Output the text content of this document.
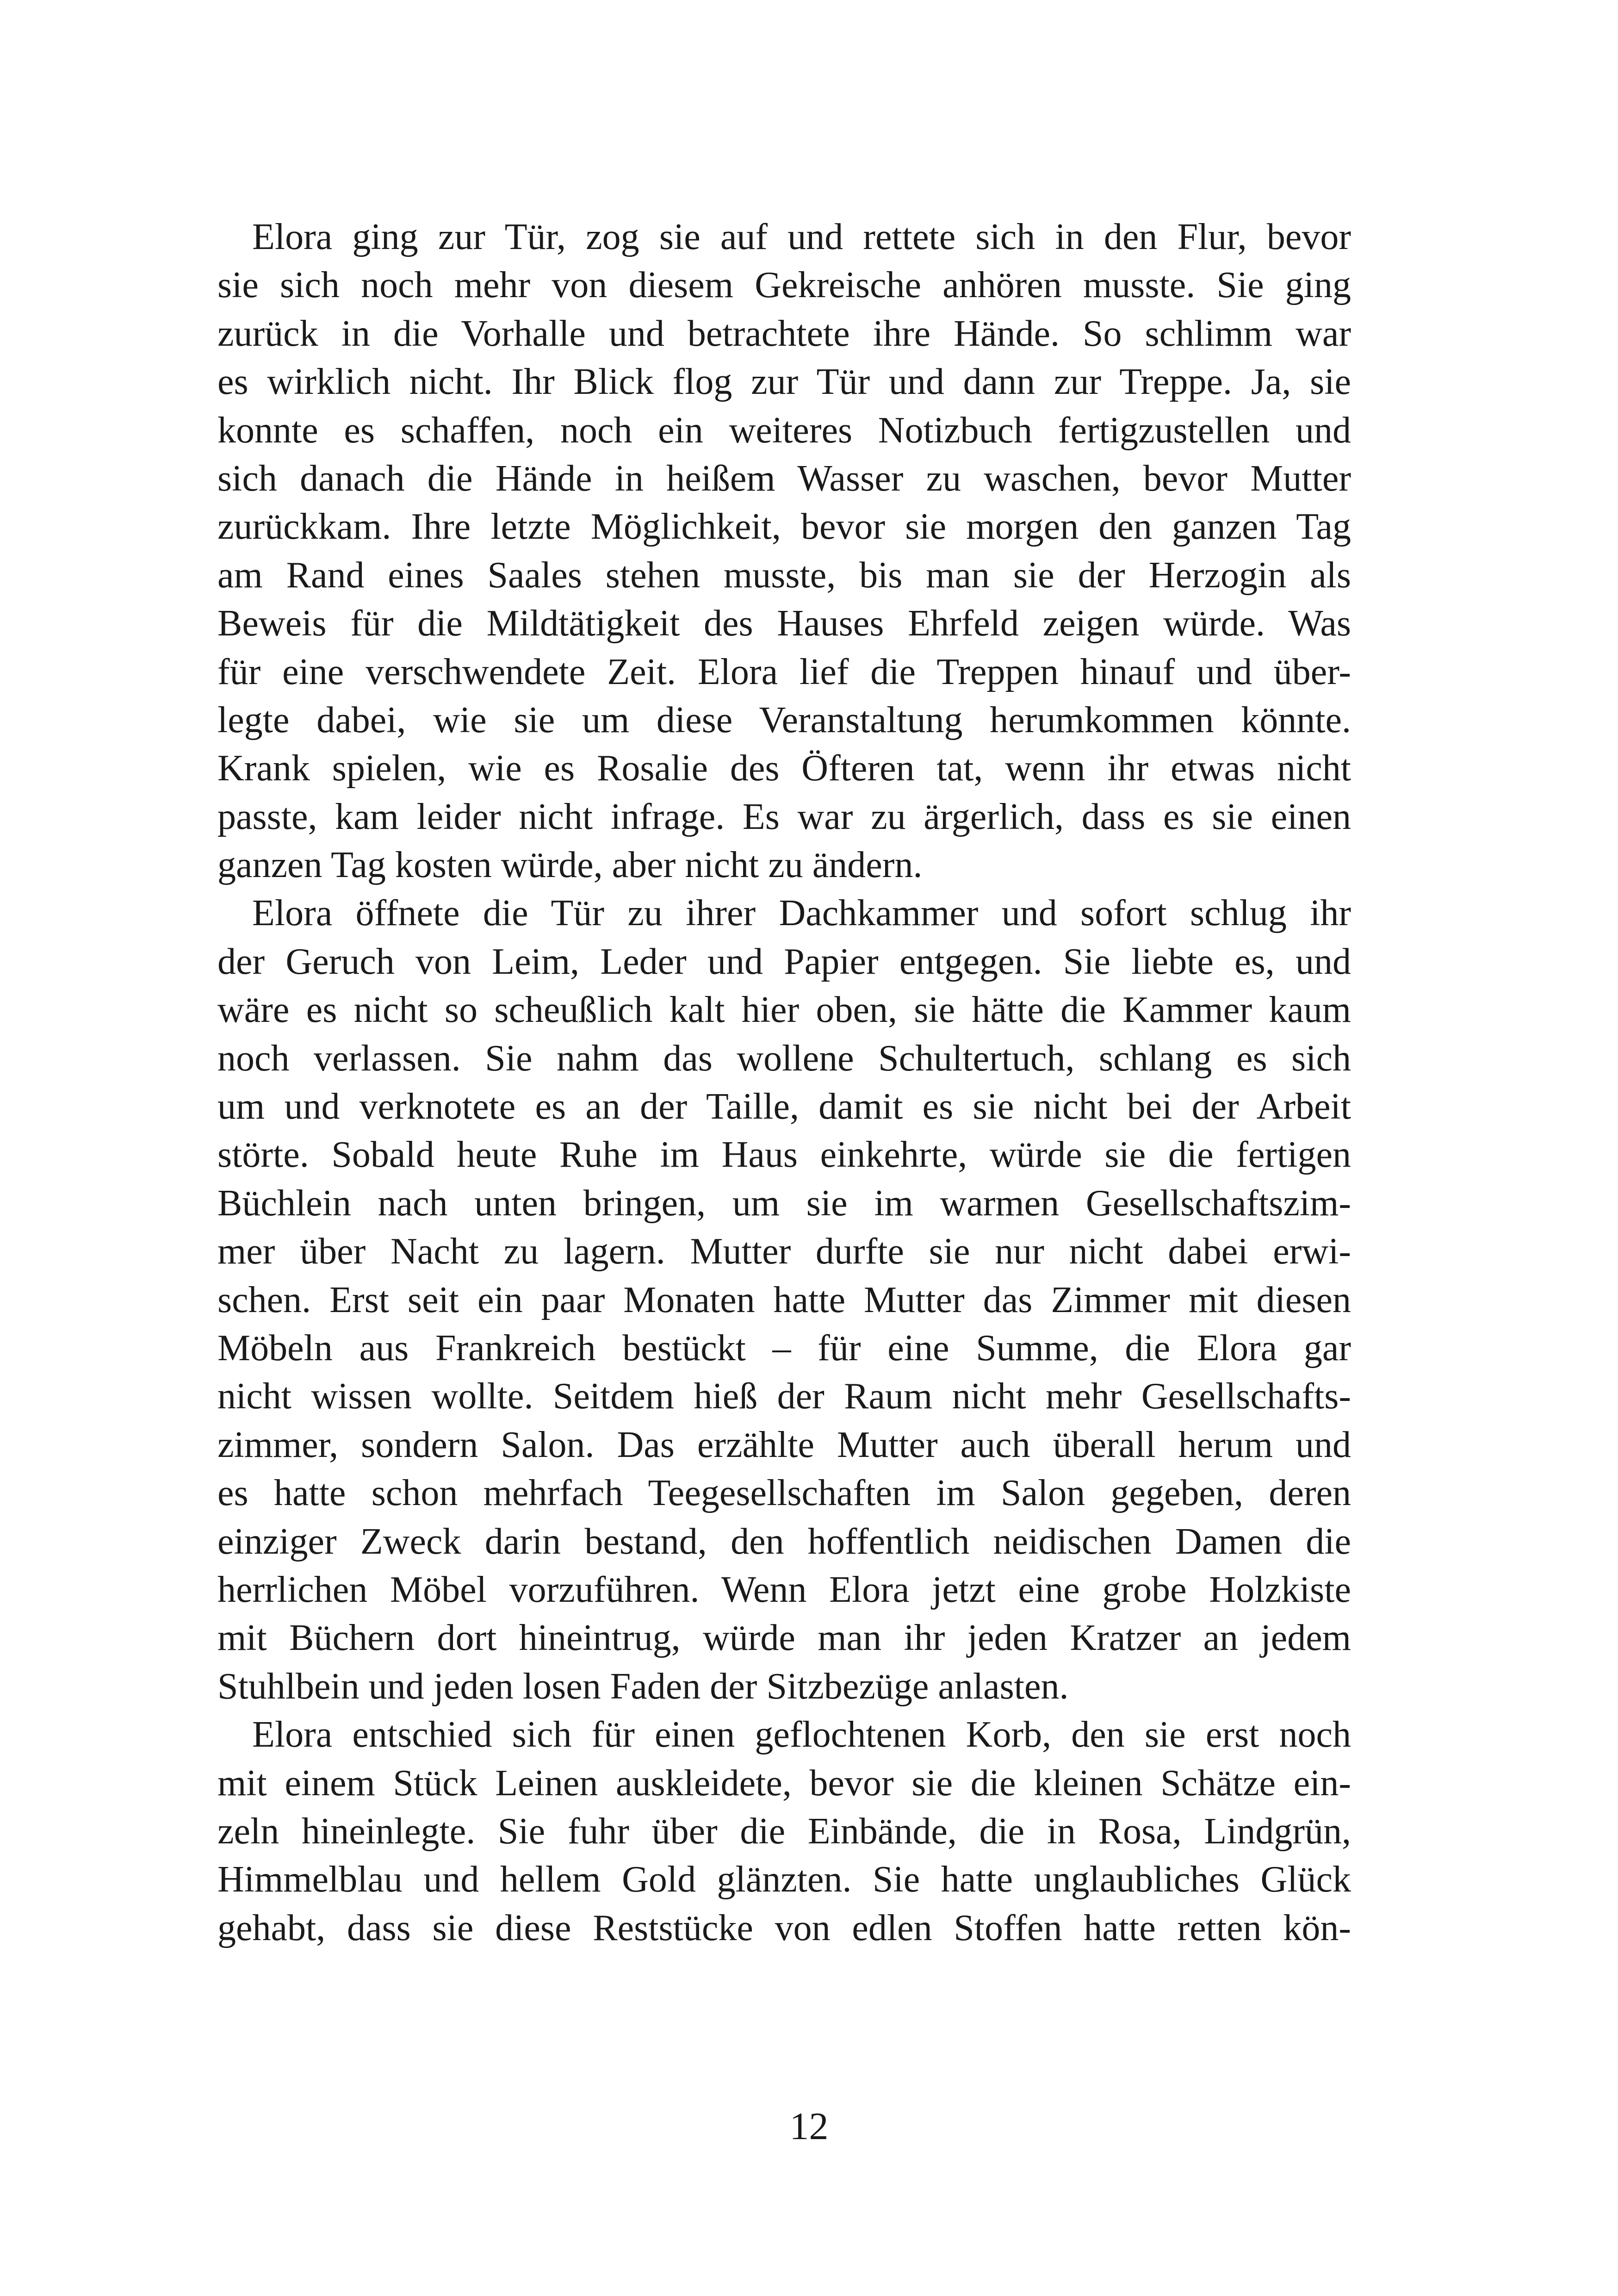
Elora ging zur Tür, zog sie auf und rettete sich in den Flur, bevor
sie sich noch mehr von diesem Gekreische anhören musste. Sie ging
zurück in die Vorhalle und betrachtete ihre Hände. So schlimm war
es wirklich nicht. Ihr Blick flog zur Tür und dann zur Treppe. Ja, sie
konnte es schaffen, noch ein weiteres Notizbuch fertigzustellen und
sich danach die Hände in heißem Wasser zu waschen, bevor Mutter
zurückkam. Ihre letzte Möglichkeit, bevor sie morgen den ganzen Tag
am Rand eines Saales stehen musste, bis man sie der Herzogin als
Beweis für die Mildtätigkeit des Hauses Ehrfeld zeigen würde. Was
für eine verschwendete Zeit. Elora lief die Treppen hinauf und über-
legte dabei, wie sie um diese Veranstaltung herumkommen könnte.
Krank spielen, wie es Rosalie des Öfteren tat, wenn ihr etwas nicht
passte, kam leider nicht infrage. Es war zu ärgerlich, dass es sie einen
ganzen Tag kosten würde, aber nicht zu ändern.
Elora öffnete die Tür zu ihrer Dachkammer und sofort schlug ihr
der Geruch von Leim, Leder und Papier entgegen. Sie liebte es, und
wäre es nicht so scheußlich kalt hier oben, sie hätte die Kammer kaum
noch verlassen. Sie nahm das wollene Schultertuch, schlang es sich
um und verknotete es an der Taille, damit es sie nicht bei der Arbeit
störte. Sobald heute Ruhe im Haus einkehrte, würde sie die fertigen
Büchlein nach unten bringen, um sie im warmen Gesellschaftszim-
mer über Nacht zu lagern. Mutter durfte sie nur nicht dabei erwi-
schen. Erst seit ein paar Monaten hatte Mutter das Zimmer mit diesen
Möbeln aus Frankreich bestückt – für eine Summe, die Elora gar
nicht wissen wollte. Seitdem hieß der Raum nicht mehr Gesellschafts-
zimmer, sondern Salon. Das erzählte Mutter auch überall herum und
es hatte schon mehrfach Teegesellschaften im Salon gegeben, deren
einziger Zweck darin bestand, den hoffentlich neidischen Damen die
herrlichen Möbel vorzuführen. Wenn Elora jetzt eine grobe Holzkiste
mit Büchern dort hineintrug, würde man ihr jeden Kratzer an jedem
Stuhlbein und jeden losen Faden der Sitzbezüge anlasten.
Elora entschied sich für einen geflochtenen Korb, den sie erst noch
mit einem Stück Leinen auskleidete, bevor sie die kleinen Schätze ein-
zeln hineinlegte. Sie fuhr über die Einbände, die in Rosa, Lindgrün,
Himmelblau und hellem Gold glänzten. Sie hatte unglaubliches Glück
gehabt, dass sie diese Reststücke von edlen Stoffen hatte retten kön-
12
